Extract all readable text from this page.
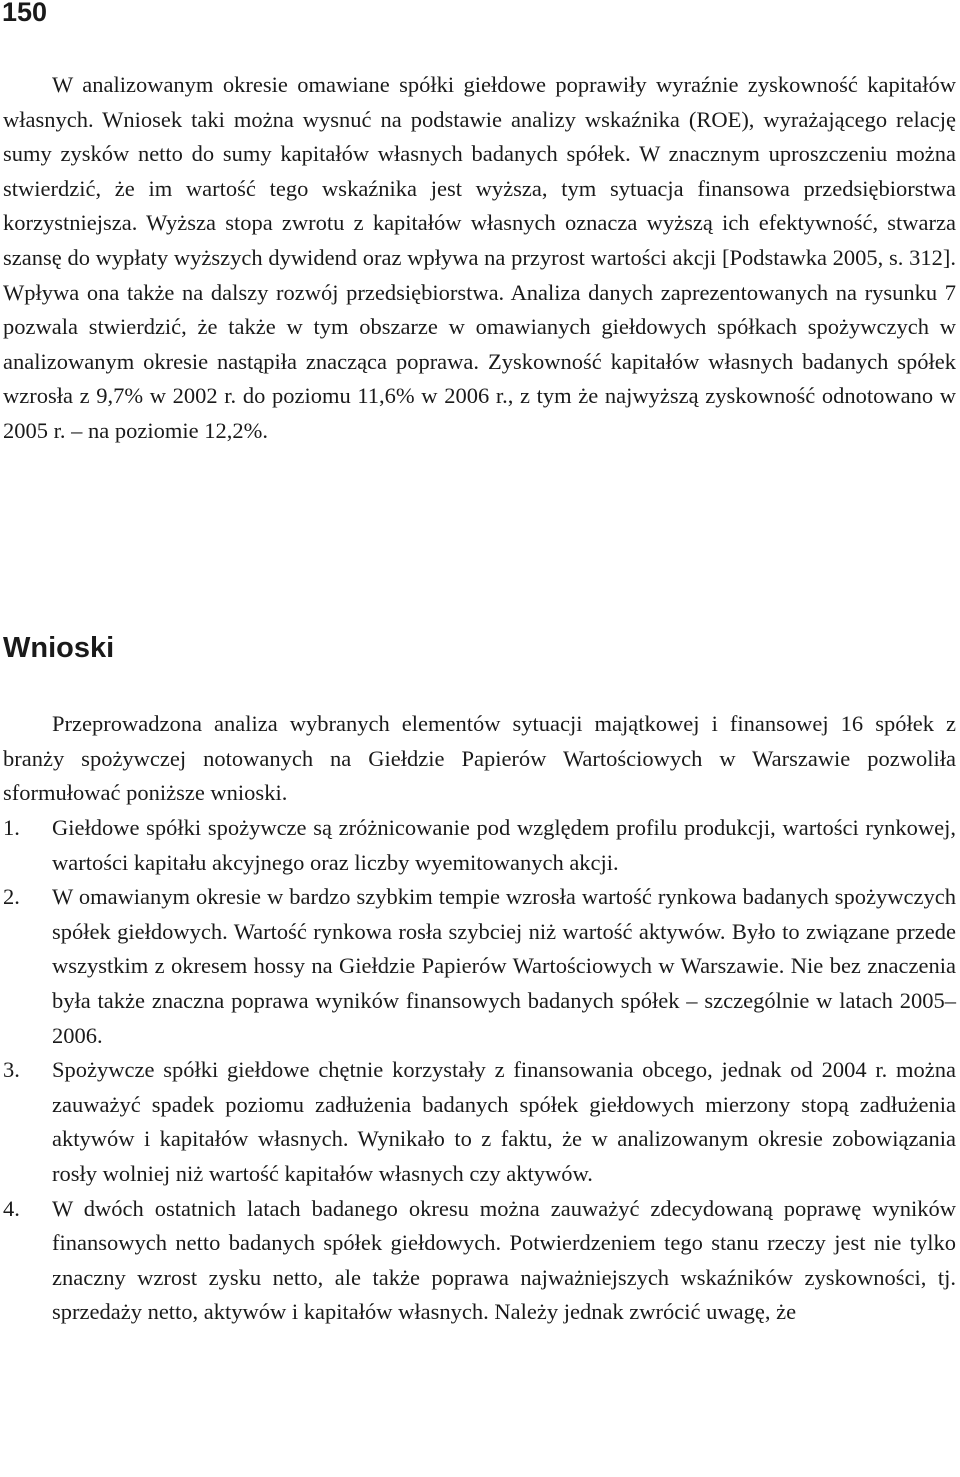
150

W analizowanym okresie omawiane spółki giełdowe poprawiły wyraźnie zyskowność kapitałów własnych. Wniosek taki można wysnuć na podstawie analizy wskaźnika (ROE), wyrażającego relację sumy zysków netto do sumy kapitałów własnych badanych spółek. W znacznym uproszczeniu można stwierdzić, że im wartość tego wskaźnika jest wyższa, tym sytuacja finansowa przedsiębiorstwa korzystniejsza. Wyższa stopa zwrotu z kapitałów własnych oznacza wyższą ich efektywność, stwarza szansę do wypłaty wyższych dywidend oraz wpływa na przyrost wartości akcji [Podstawka 2005, s. 312]. Wpływa ona także na dalszy rozwój przedsiębiorstwa. Analiza danych zaprezentowanych na rysunku 7 pozwala stwierdzić, że także w tym obszarze w omawianych giełdowych spółkach spożywczych w analizowanym okresie nastąpiła znacząca poprawa. Zyskowność kapitałów własnych badanych spółek wzrosła z 9,7% w 2002 r. do poziomu 11,6% w 2006 r., z tym że najwyższą zyskowność odnotowano w 2005 r. – na poziomie 12,2%.

Wnioski

Przeprowadzona analiza wybranych elementów sytuacji majątkowej i finansowej 16 spółek z branży spożywczej notowanych na Giełdzie Papierów Wartościowych w Warszawie pozwoliła sformułować poniższe wnioski.

1. Giełdowe spółki spożywcze są zróżnicowanie pod względem profilu produkcji, wartości rynkowej, wartości kapitału akcyjnego oraz liczby wyemitowanych akcji.
2. W omawianym okresie w bardzo szybkim tempie wzrosła wartość rynkowa badanych spożywczych spółek giełdowych. Wartość rynkowa rosła szybciej niż wartość aktywów. Było to związane przede wszystkim z okresem hossy na Giełdzie Papierów Wartościowych w Warszawie. Nie bez znaczenia była także znaczna poprawa wyników finansowych badanych spółek – szczególnie w latach 2005–2006.
3. Spożywcze spółki giełdowe chętnie korzystały z finansowania obcego, jednak od 2004 r. można zauważyć spadek poziomu zadłużenia badanych spółek giełdowych mierzony stopą zadłużenia aktywów i kapitałów własnych. Wynikało to z faktu, że w analizowanym okresie zobowiązania rosły wolniej niż wartość kapitałów własnych czy aktywów.
4. W dwóch ostatnich latach badanego okresu można zauważyć zdecydowaną poprawę wyników finansowych netto badanych spółek giełdowych. Potwierdzeniem tego stanu rzeczy jest nie tylko znaczny wzrost zysku netto, ale także poprawa najważniejszych wskaźników zyskowności, tj. sprzedaży netto, aktywów i kapitałów własnych. Należy jednak zwrócić uwagę, że
